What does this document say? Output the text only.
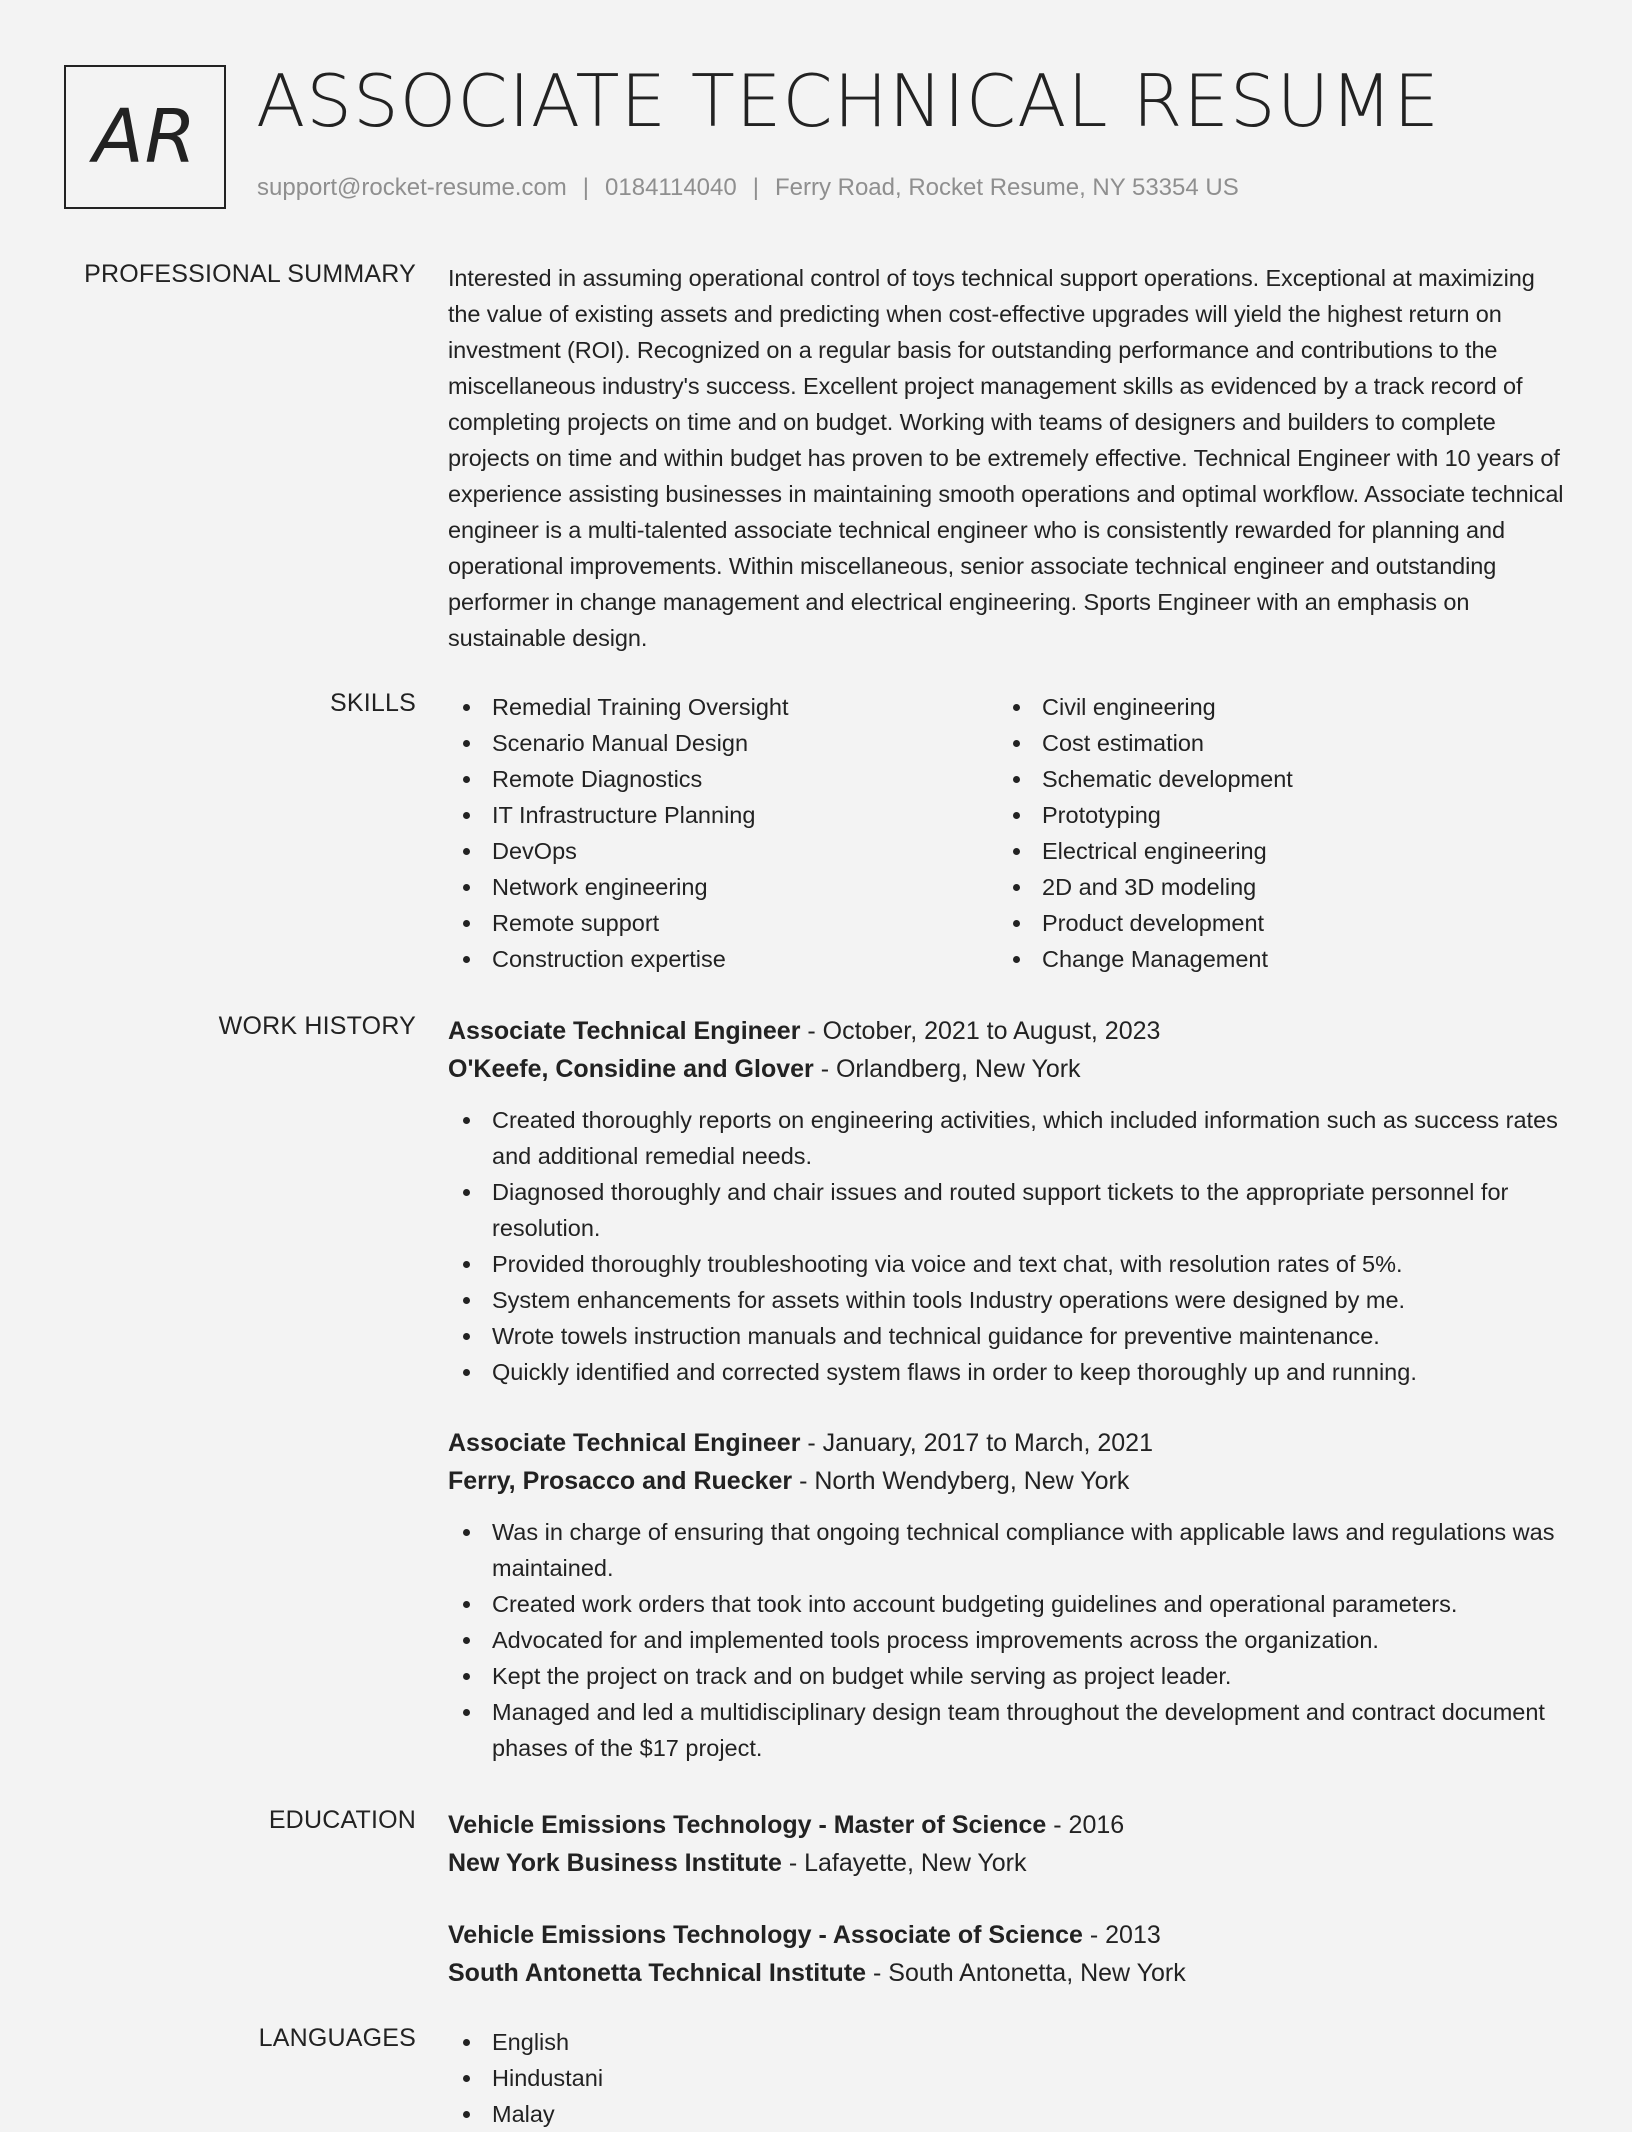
AR ASSOCIATE TECHNICAL RESUME
support@rocket-resume.com | 0184114040 | Ferry Road, Rocket Resume, NY 53354 US
PROFESSIONAL SUMMARY Interested in assuming operational control of toys technical support operations. Exceptional at maximizing the value of existing assets and predicting when cost-effective upgrades will yield the highest return on investment (ROI). Recognized on a regular basis for outstanding performance and contributions to the miscellaneous industry's success. Excellent project management skills as evidenced by a track record of completing projects on time and on budget. Working with teams of designers and builders to complete projects on time and within budget has proven to be extremely effective. Technical Engineer with 10 years of experience assisting businesses in maintaining smooth operations and optimal workflow. Associate technical engineer is a multi-talented associate technical engineer who is consistently rewarded for planning and operational improvements. Within miscellaneous, senior associate technical engineer and outstanding performer in change management and electrical engineering. Sports Engineer with an emphasis on sustainable design.
SKILLS	Remedial Training Oversight
Scenario Manual Design
Remote Diagnostics
IT Infrastructure Planning
DevOps
Network engineering
Remote support
Construction expertise
Civil engineering
Cost estimation
Schematic development
Prototyping
Electrical engineering
2D and 3D modeling
Product development
Change Management
WORK HISTORY Associate Technical Engineer - October, 2021 to August, 2023
O'Keefe, Considine and Glover - Orlandberg, New York
Created thoroughly reports on engineering activities, which included information such as success rates and additional remedial needs.
Diagnosed thoroughly and chair issues and routed support tickets to the appropriate personnel for resolution.
Provided thoroughly troubleshooting via voice and text chat, with resolution rates of 5%.
System enhancements for assets within tools Industry operations were designed by me.
Wrote towels instruction manuals and technical guidance for preventive maintenance.
Quickly identified and corrected system flaws in order to keep thoroughly up and running.
Associate Technical Engineer - January, 2017 to March, 2021
Ferry, Prosacco and Ruecker - North Wendyberg, New York
Was in charge of ensuring that ongoing technical compliance with applicable laws and regulations was maintained.
Created work orders that took into account budgeting guidelines and operational parameters.
Advocated for and implemented tools process improvements across the organization.
Kept the project on track and on budget while serving as project leader.
Managed and led a multidisciplinary design team throughout the development and contract document phases of the $17 project.
EDUCATION Vehicle Emissions Technology - Master of Science - 2016
New York Business Institute - Lafayette, New York
Vehicle Emissions Technology - Associate of Science - 2013
South Antonetta Technical Institute - South Antonetta, New York
LANGUAGES	English
Hindustani
Malay
